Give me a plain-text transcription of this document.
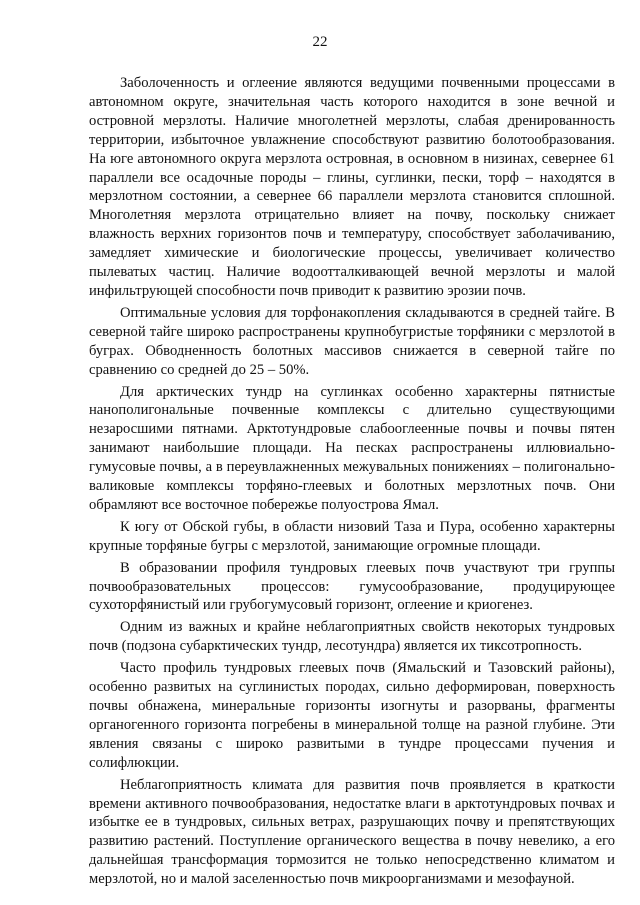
22

Заболоченность и оглеение являются ведущими почвенными процессами в автономном округе, значительная часть которого находится в зоне вечной и островной мерзлоты. Наличие многолетней мерзлоты, слабая дренированность территории, избыточное увлажнение способствуют развитию болотообразования. На юге автономного округа мерзлота островная, в основном в низинах, севернее 61 параллели все осадочные породы – глины, суглинки, пески, торф – находятся в мерзлотном состоянии, а севернее 66 параллели мерзлота становится сплошной. Многолетняя мерзлота отрицательно влияет на почву, поскольку снижает влажность верхних горизонтов почв и температуру, способствует заболачиванию, замедляет химические и биологические процессы, увеличивает количество пылеватых частиц. Наличие водоотталкивающей вечной мерзлоты и малой инфильтрующей способности почв приводит к развитию эрозии почв.

Оптимальные условия для торфонакопления складываются в средней тайге. В северной тайге широко распространены крупнобугристые торфяники с мерзлотой в буграх. Обводненность болотных массивов снижается в северной тайге по сравнению со средней до 25 – 50%.

Для арктических тундр на суглинках особенно характерны пятнистые нанополигональные почвенные комплексы с длительно существующими незаросшими пятнами. Арктотундровые слабооглеенные почвы и почвы пятен занимают наибольшие площади. На песках распространены иллювиально-гумусовые почвы, а в переувлажненных межувальных понижениях – полигонально-валиковые комплексы торфяно-глеевых и болотных мерзлотных почв. Они обрамляют все восточное побережье полуострова Ямал.

К югу от Обской губы, в области низовий Таза и Пура, особенно характерны крупные торфяные бугры с мерзлотой, занимающие огромные площади.

В образовании профиля тундровых глеевых почв участвуют три группы почвообразовательных процессов: гумусообразование, продуцирующее сухоторфянистый или грубогумусовый горизонт, оглеение и криогенез.

Одним из важных и крайне неблагоприятных свойств некоторых тундровых почв (подзона субарктических тундр, лесотундра) является их тиксотропность.

Часто профиль тундровых глеевых почв (Ямальский и Тазовский районы), особенно развитых на суглинистых породах, сильно деформирован, поверхность почвы обнажена, минеральные горизонты изогнуты и разорваны, фрагменты органогенного горизонта погребены в минеральной толще на разной глубине. Эти явления связаны с широко развитыми в тундре процессами пучения и солифлюкции.

Неблагоприятность климата для развития почв проявляется в краткости времени активного почвообразования, недостатке влаги в арктотундровых почвах и избытке ее в тундровых, сильных ветрах, разрушающих почву и препятствующих развитию растений. Поступление органического вещества в почву невелико, а его дальнейшая трансформация тормозится не только непосредственно климатом и мерзлотой, но и малой заселенностью почв микроорганизмами и мезофауной.
